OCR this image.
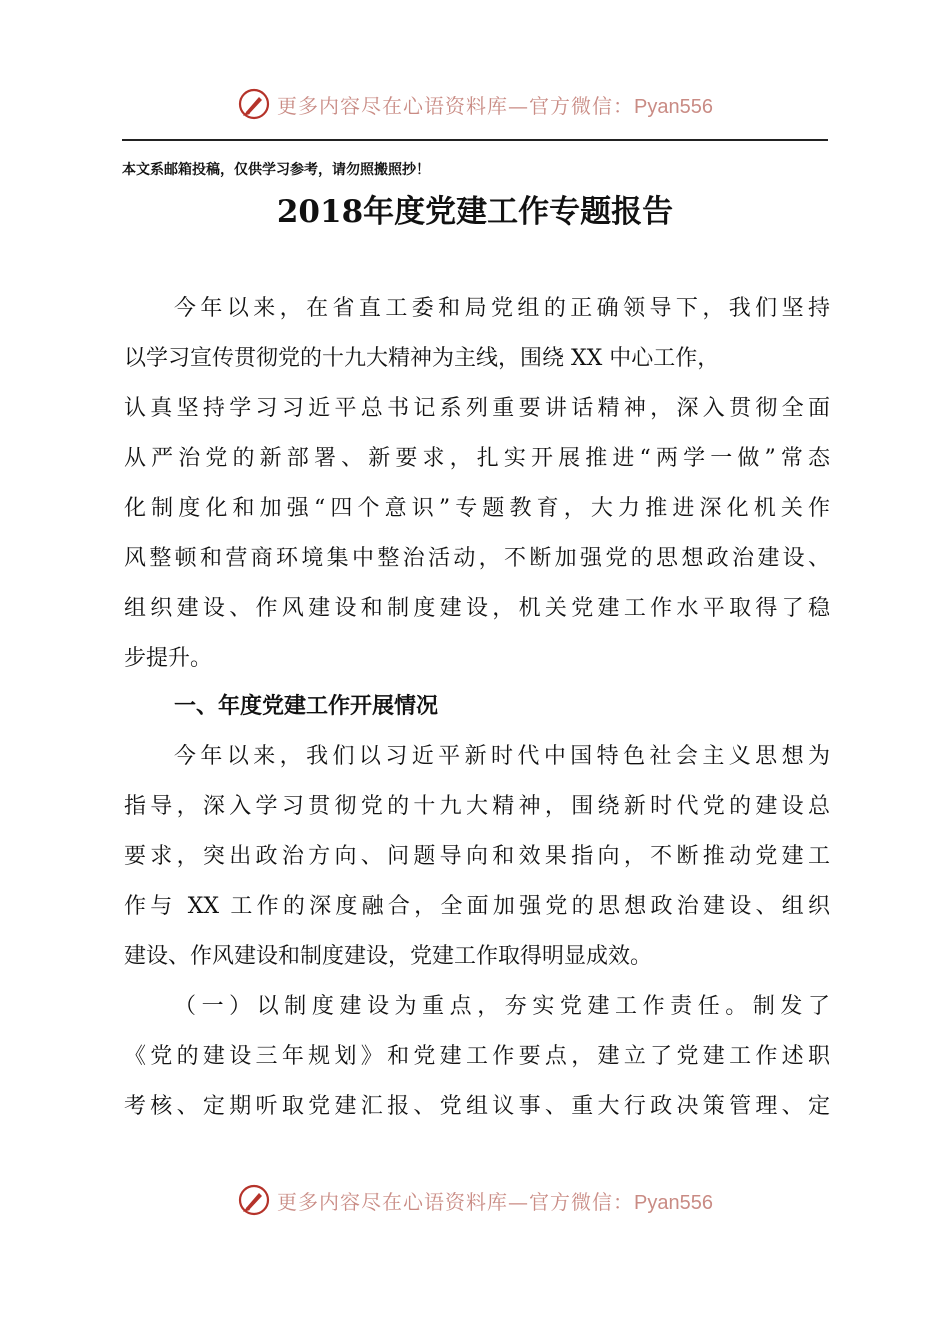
更多内容尽在心语资料库—官方微信：Pyan556
本文系邮箱投稿，仅供学习参考，请勿照搬照抄！
2018年度党建工作专题报告
今年以来，在省直工委和局党组的正确领导下，我们坚持
以学习宣传贯彻党的十九大精神为主线，围绕 XX 中心工作，
认真坚持学习习近平总书记系列重要讲话精神，深入贯彻全面
从严治党的新部署、新要求，扎实开展推进“两学一做”常态
化制度化和加强“四个意识”专题教育，大力推进深化机关作
风整顿和营商环境集中整治活动，不断加强党的思想政治建设、
组织建设、作风建设和制度建设，机关党建工作水平取得了稳
步提升。
一、年度党建工作开展情况
今年以来，我们以习近平新时代中国特色社会主义思想为
指导，深入学习贯彻党的十九大精神，围绕新时代党的建设总
要求，突出政治方向、问题导向和效果指向，不断推动党建工
作与 XX 工作的深度融合，全面加强党的思想政治建设、组织
建设、作风建设和制度建设，党建工作取得明显成效。
（一）以制度建设为重点，夯实党建工作责任。制发了
《党的建设三年规划》和党建工作要点，建立了党建工作述职
考核、定期听取党建汇报、党组议事、重大行政决策管理、定
更多内容尽在心语资料库—官方微信：Pyan556
